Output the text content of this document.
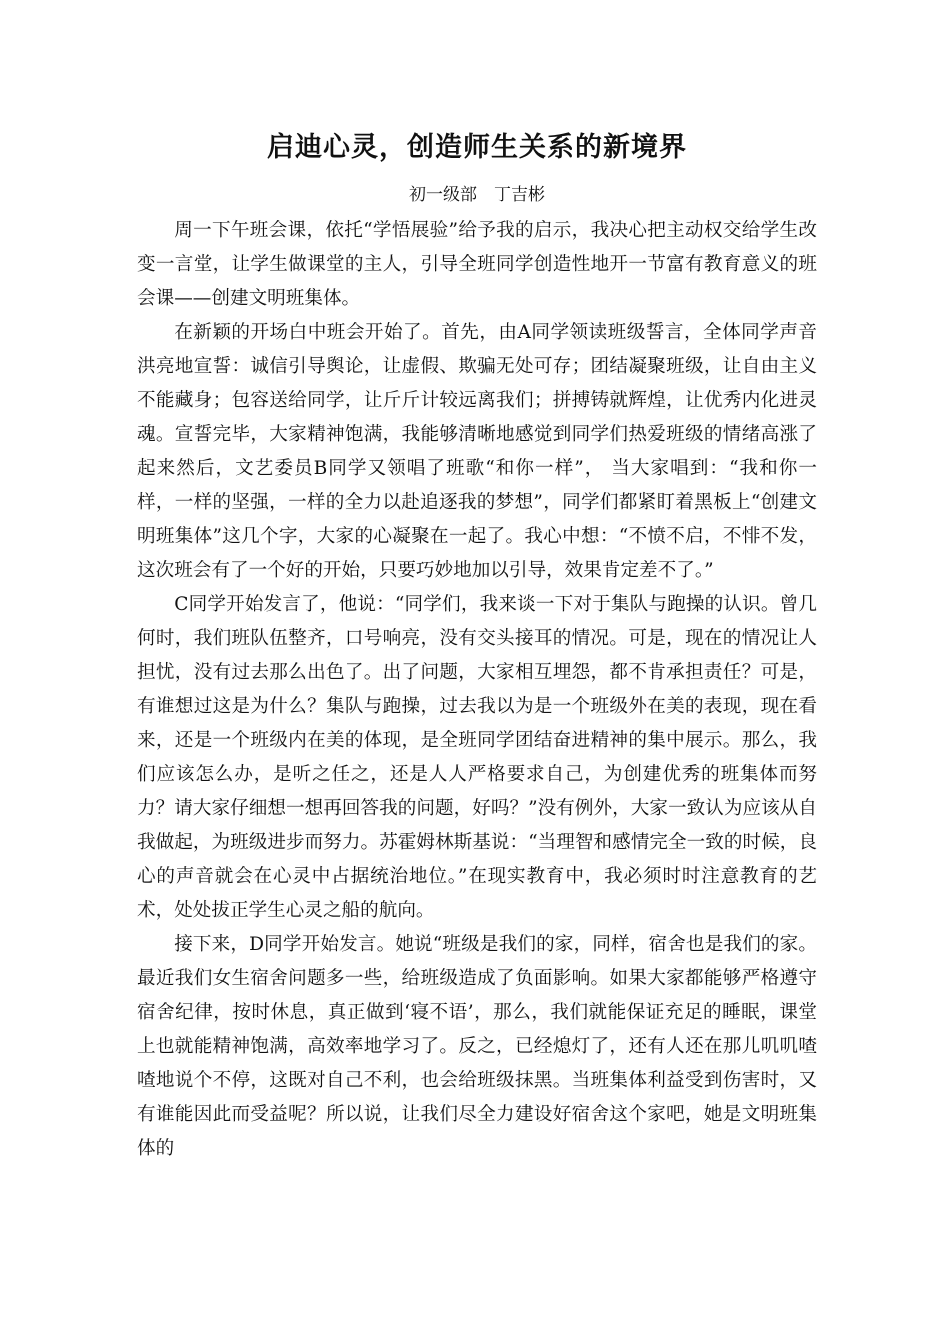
启迪心灵，创造师生关系的新境界
初一级部　丁吉彬

周一下午班会课，依托“学悟展验”给予我的启示，我决心把主动权交给学生改变一言堂，让学生做课堂的主人，引导全班同学创造性地开一节富有教育意义的班会课——创建文明班集体。

在新颖的开场白中班会开始了。首先，由A同学领读班级誓言，全体同学声音洪亮地宣誓：诚信引导舆论，让虚假、欺骗无处可存；团结凝聚班级，让自由主义不能藏身；包容送给同学，让斤斤计较远离我们；拼搏铸就辉煌，让优秀内化进灵魂。宣誓完毕，大家精神饱满，我能够清晰地感觉到同学们热爱班级的情绪高涨了起来然后，文艺委员B同学又领唱了班歌“和你一样”， 当大家唱到：“我和你一样，一样的坚强，一样的全力以赴追逐我的梦想”，同学们都紧盯着黑板上“创建文明班集体”这几个字，大家的心凝聚在一起了。我心中想：“不愤不启，不悱不发，这次班会有了一个好的开始，只要巧妙地加以引导，效果肯定差不了。”

C同学开始发言了，他说：“同学们，我来谈一下对于集队与跑操的认识。曾几何时，我们班队伍整齐，口号响亮，没有交头接耳的情况。可是，现在的情况让人担忧，没有过去那么出色了。出了问题，大家相互埋怨，都不肯承担责任？可是，有谁想过这是为什么？集队与跑操，过去我以为是一个班级外在美的表现，现在看来，还是一个班级内在美的体现，是全班同学团结奋进精神的集中展示。那么，我们应该怎么办，是听之任之，还是人人严格要求自己，为创建优秀的班集体而努力？请大家仔细想一想再回答我的问题，好吗？”没有例外，大家一致认为应该从自我做起，为班级进步而努力。苏霍姆林斯基说：“当理智和感情完全一致的时候，良心的声音就会在心灵中占据统治地位。”在现实教育中，我必须时时注意教育的艺术，处处拔正学生心灵之船的航向。

接下来，D同学开始发言。她说“班级是我们的家，同样，宿舍也是我们的家。最近我们女生宿舍问题多一些，给班级造成了负面影响。如果大家都能够严格遵守宿舍纪律，按时休息，真正做到‘寝不语’，那么，我们就能保证充足的睡眠，课堂上也就能精神饱满，高效率地学习了。反之，已经熄灯了，还有人还在那儿叽叽喳喳地说个不停，这既对自己不利，也会给班级抹黑。当班集体利益受到伤害时，又有谁能因此而受益呢？所以说，让我们尽全力建设好宿舍这个家吧，她是文明班集体的
